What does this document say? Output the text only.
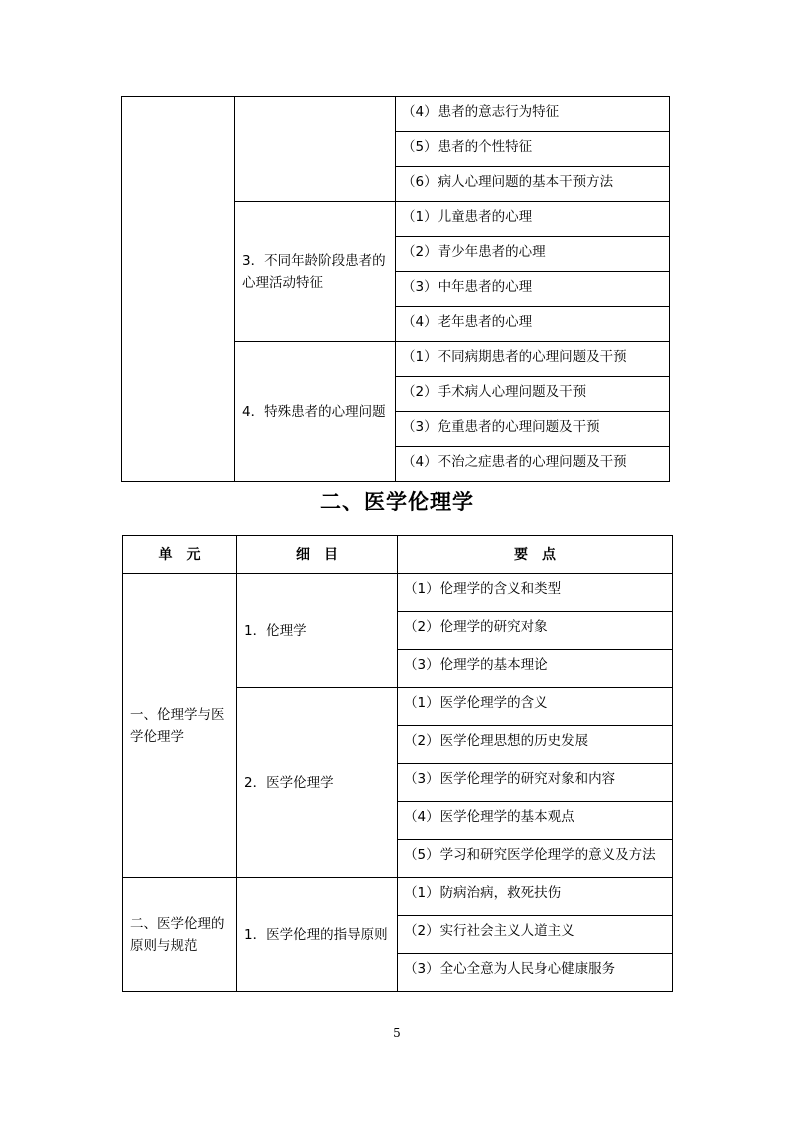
		（4）患者的意志行为特征
		（5）患者的个性特征
		（6）病人心理问题的基本干预方法
	3．不同年龄阶段患者的心理活动特征	（1）儿童患者的心理
		（2）青少年患者的心理
		（3）中年患者的心理
		（4）老年患者的心理
	4．特殊患者的心理问题	（1）不同病期患者的心理问题及干预
		（2）手术病人心理问题及干预
		（3）危重患者的心理问题及干预
		（4）不治之症患者的心理问题及干预
二、医学伦理学
单　元	细　目	要　点
一、伦理学与医学伦理学	1．伦理学	（1）伦理学的含义和类型
		（2）伦理学的研究对象
		（3）伦理学的基本理论
	2．医学伦理学	（1）医学伦理学的含义
		（2）医学伦理思想的历史发展
		（3）医学伦理学的研究对象和内容
		（4）医学伦理学的基本观点
		（5）学习和研究医学伦理学的意义及方法
二、医学伦理的原则与规范	1．医学伦理的指导原则	（1）防病治病，救死扶伤
		（2）实行社会主义人道主义
		（3）全心全意为人民身心健康服务
5
